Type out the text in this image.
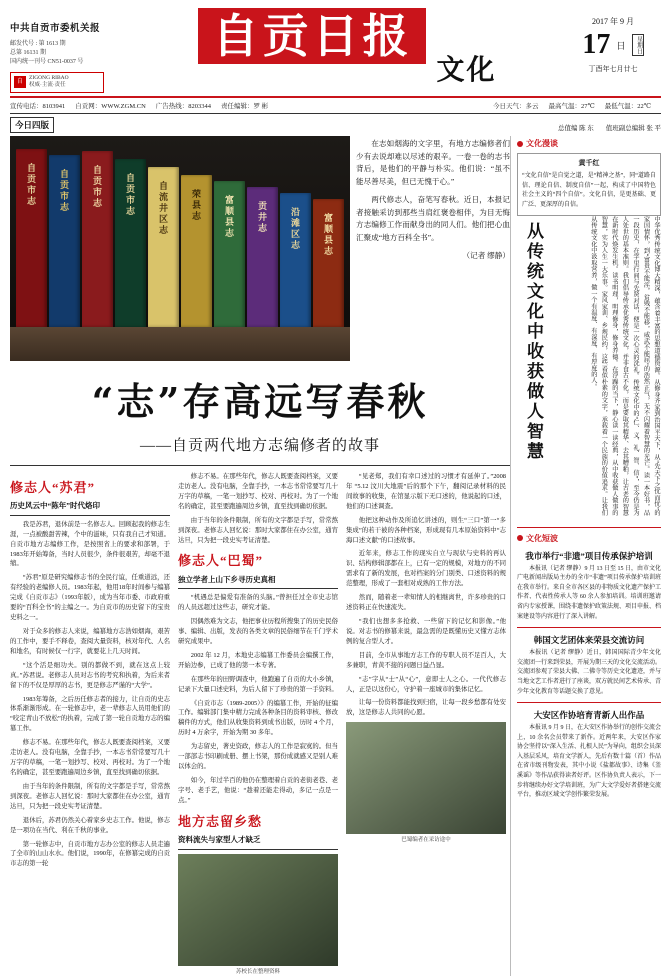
中共自贡市委机关报
邮发代号 : 第 1613 期
总第 16131 期
国内统一刊号 CN51-0037 号
自
ZIGONG RIBAO
权威·主流·责任
自贡日报
文化
2017 年 9 月
17 日 星期日
丁酉年七月廿七
宣传电话：8103941	自贡网：WWW.ZGM.CN	广告热线：8203344	责任编辑：罗 彬	今日天气：多云	最高气温：27℃	最低气温：22℃
今日四版	总值编 陈 东 值班副总编辑 张 平
自贡市志	自贡市志	自贡市志	自贡市志	自流井区志	荣县志	富顺县志	贡井志	沿滩区志	富顺县志

在志如烟海的文字里，有地方志编修者们少有去说却难以尽述的艰辛。一卷一卷的志书背后，是他们的平静与朴实。他们说：“虽不能尽善尽美，但已无愧于心。”

两代修志人，奋笔写春秋。近日，本报记者接触采访到那些当肩红褒卷相伴，为目无悔方志编修工作而献身出的同人们。他们把心血汇聚成“地方百科全书”。

（记者 缪静）

“志”存高远写春秋
——自贡两代地方志编修者的故事
修志人“苏君”
历史风云中“陈年”时代烙印

我是苏君，退休前是一名修志人。回顾起我的修志生涯，一点被酸甜苦辣，个中的滋味，只有我自己才知道。自贡市地方志编修工作，是按照省上的要求和部署，于1983年开始筹备，当时人员很少，条件很艰苦，却毫不退缩。

“苏君”原是研究编修志书的全民行谊，任重道远，还有经验的老编修人员。1983年起，他用18年时间参与编纂完成《自贡市志》（1993年版），成为当年市委、市政府重要的“百科全书”的主编之一。为自贡市的历史留下的宝贵史料之一。

对于众多的修志人来说，编纂地方志浩如烟海，艰苦的工作中，要手不释卷，查阅大量资料，核对年代、人名和地名，有时候仅一行字，就要花上几天时间。

“这个活是细功夫。别的都做不到，就在这点上较真。”苏君说。老修志人员对志书的考究和执着，为后来者留下的不仅是厚厚的志书，更是修志严谨的“大学”。

1983年筹备，之后历任修志者的接力，让自贡的史志体系渐渐形成。在一轮修志中，老一辈修志人员用他们的“咬定青山不放松”的执着，完成了第一轮自贡地方志的编纂工作。

修志不易。在那些年代，修志人既要查阅档案，又要走访老人。没有电脑，全靠手抄，一本志书常常要写几十万字的草稿，一笔一划抄写、校对、再校对。为了一个地名的确定，甚至要跑遍周边乡镇，直至找到确切依据。

由于当年的条件限制，所有的文字都是手写，常常熬到深夜。老修志人回忆说：那时大家都住在办公室，通宵达旦，只为把一段史实考证清楚。

退休后，苏君仍然关心着家乡史志工作。他说，修志是一项功在当代、利在千秋的事业。

第一轮修志中，自贡市地方志办公室的修志人员走遍了全市的山山水水。他们说，1990年，在修纂完成的自贡市志的第一轮

修志不易。在那些年代，修志人既要查阅档案，又要走访老人。没有电脑，全靠手抄，一本志书常常要写几十万字的草稿，一笔一划抄写、校对、再校对。为了一个地名的确定，甚至要跑遍周边乡镇，直至找到确切依据。

由于当年的条件限制，所有的文字都是手写，常常熬到深夜。老修志人回忆说：那时大家都住在办公室，通宵达旦，只为把一段史实考证清楚。

修志人“巴蜀”
独立学者上山下乡寻历史真相

“机遇总是偏爱有准备的头脑。”曾担任过全市史志馆的人员远超过这些志，研究才能。

因偶然难为文志，他把事业历程所搜集了的历史民俗事、编辑、出版，发表的各类文章的民俗细节在千门学术研究成果中。

2002 年 12 月，本地史志编纂工作委员会编撰工作，开始边参，已成了他的第一本专著。

在那些年的田野调查中，他跑遍了自贡的大小乡镇，记录下大量口述史料，为后人留下了珍贵的第一手资料。

《自贡市志（1989-2005）》的编纂工作，开始的征编工作。编辑部门集中精力完成各种条目的资料审核、修改稿件的方式，他们从收集资料到成书出版，历时 4 个月，历时 4 万余字，开始为期 30 多年。

为志留史，著史资政，修志人的工作是寂寞的。但当一部部志书印刷成册、摆上书架，那份成就感又是别人难以体会的。

如今，年过半百的他仍在整理着自贡的老街老巷、老字号、老手艺，他说：“趁着还能走得动，多记一点是一点。”

地方志留乡愁
资料流失与家型人才缺乏
苏校长在整理资料

“见老郑，我们有幸口述过的习惯才有延伸了。”2008 年 “5.12 汶川大地震”后的那个下午，翻阅记录材料的民间故事的收集，在馆显示版下无口述的，他说起的口述，他们的口述调查。

他把这种动作及所追忆讲述的，则生“三口”第一“多集成”的若干被的各种档案，形成现有几本原始资料中“志海口述文献”的口述故事。

近年来，修志工作的现实自立与现状与史料的再认识、结构修辑部都在上，已有一定的规模，对地方的不同需求有了新的发展，也对档案的分门别类、口述资料的规范整理，形成了一套相对成熟的工作方法。

然而，随着老一辈知情人的相继离世，许多珍贵的口述资料正在快速流失。

“我们也想多多抢救、一些留下的记忆和影像。”他说。对志书的修纂来说，最急需的是既懂历史又懂方志体例的复合型人才。

目前，全市从事地方志工作的专职人员不足百人，大多兼职，青黄不接的问题日益凸显。

“志”字从“士”从“心”，意即士人之心。一代代修志人，正是以这份心，守护着一座城市的集体记忆。

让每一份资料都能找到归宿，让每一段乡愁都有处安放，这是修志人共同的心愿。

巴蜀编者在采访途中
文化漫谈
黄千红
“文化自信”是自觉之道，是“精神之基”，同“道路自信、理论自信、制度自信”一起，构成了中国特色社会主义的“四个自信”。文化自信，是更基础、更广泛、更深厚的自信。
从传统文化中收获做人智慧	中华优秀传统文化博大精深，蕴含着丰富的思想道德资源。从修身齐家到治国平天下，从“先天下之忧而忧”的家国情怀，到“富贵不能淫，贫贱不能移，威武不能屈”的浩然正气，无不闪耀着智慧的光芒。读一本好书，品一段历史，在字里行间与先贤对话，便是一次心灵的洗礼。传统文化中的“仁、义、礼、智、信”，至今仍是为人处世的基本准则。我们倡导传承优秀传统文化，并非食古不化，而是要取其精华、去其糟粕，让古老的智慧在新时代焕发生机。读书明理，明理修身，修身养德。在浮躁的当下，静心读一读经典，从中收获做人做事的智慧，实为人生一大乐事。家风家训、乡规民约，这些看似朴素的文字，承载着一个民族的价值追求。让我们从传统文化中汲取营养，做一个有温度、有深度、有厚度的人。
文化短波
我市举行“非遗”项目传承保护培训

本报讯（记者 缪静）9 月 13 日至 15 日，由市文化广电新闻出版局主办的全市“非遗”项目传承保护培训班在我市举行。来自全市各区县的非物质文化遗产保护工作者、代表性传承人等 60 余人参加培训。培训班邀请省内专家授课，围绕非遗保护政策法规、项目申报、档案建设等内容进行了深入讲解。

韩国文艺团体来荣县交流访问

本报讯（记者 缪静）近日，韩国国际青少年文化交流团一行来到荣县，开展为期三天的文化交流活动。交流团参观了荣县大佛、二佛寺等历史文化遗迹，并与当地文艺工作者进行了座谈，双方就民间艺术传承、青少年文化教育等话题交换了意见。

大安区作协培育青新人出作品

本报讯 9 月 9 日，在大安区作协举行的创作交流会上，10 余名会员带来了新作。近两年来，大安区作家协会坚持以“深入生活、扎根人民”为导向，组织会员深入基层采风，培育文学新人，先后有数十篇（首）作品在省市级刊物发表，其中小说《盐都故事》、诗集《釜溪谣》等作品获得读者好评。区作协负责人表示，下一步将继续办好文学培训班，为广大文学爱好者搭建交流平台，推动区域文学创作繁荣发展。
